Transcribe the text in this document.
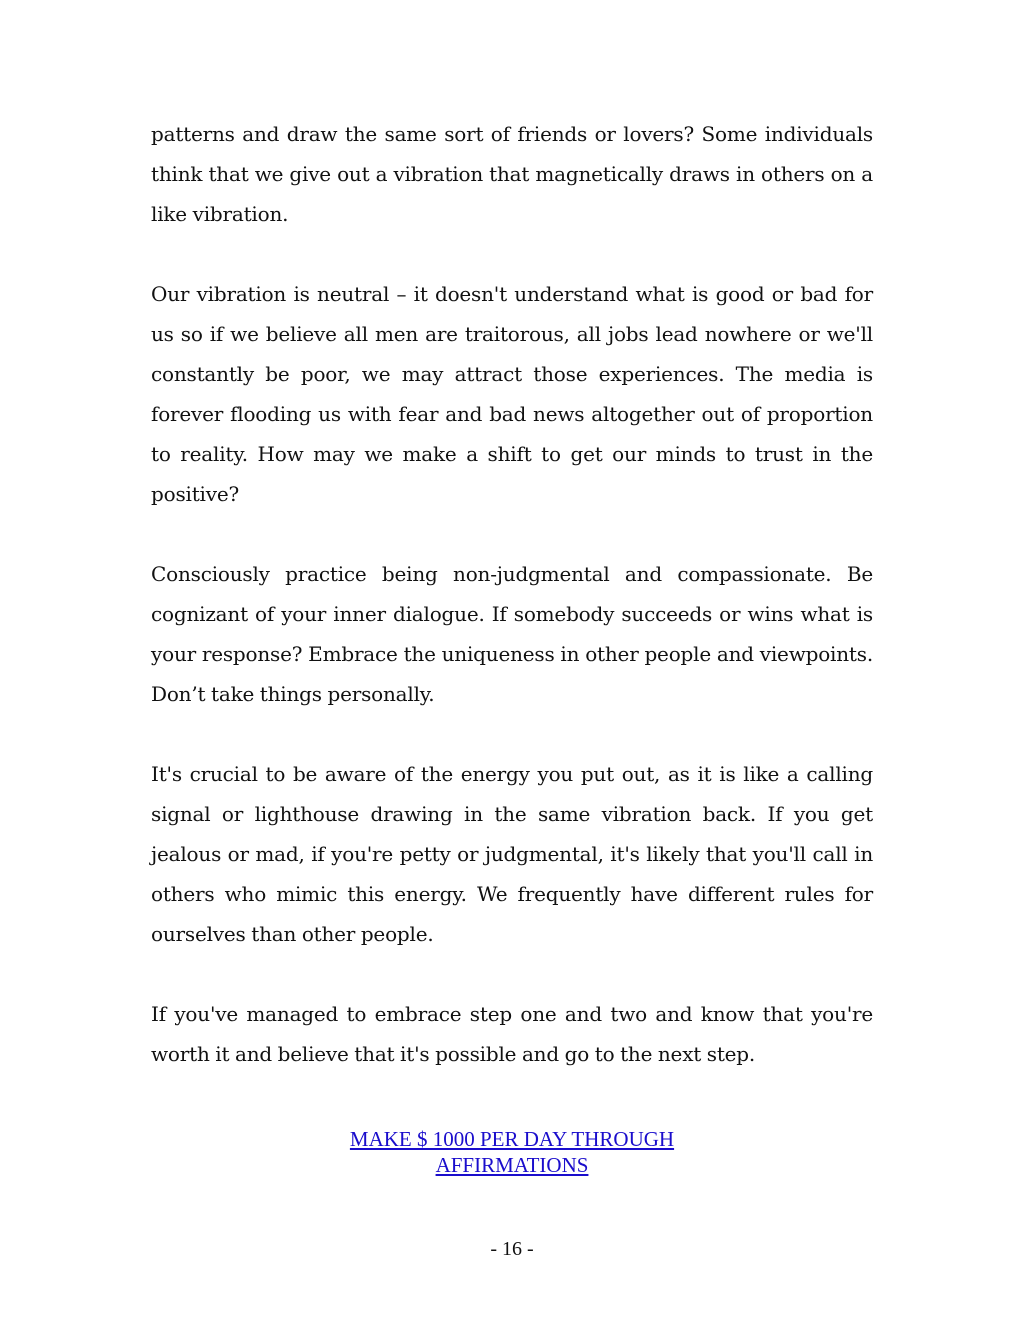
patterns and draw the same sort of friends or lovers? Some individuals think that we give out a vibration that magnetically draws in others on a like vibration.

Our vibration is neutral – it doesn't understand what is good or bad for us so if we believe all men are traitorous, all jobs lead nowhere or we'll constantly be poor, we may attract those experiences. The media is forever flooding us with fear and bad news altogether out of proportion to reality. How may we make a shift to get our minds to trust in the positive?

Consciously practice being non-judgmental and compassionate. Be cognizant of your inner dialogue. If somebody succeeds or wins what is your response? Embrace the uniqueness in other people and viewpoints. Don’t take things personally.

It's crucial to be aware of the energy you put out, as it is like a calling signal or lighthouse drawing in the same vibration back. If you get jealous or mad, if you're petty or judgmental, it's likely that you'll call in others who mimic this energy. We frequently have different rules for ourselves than other people.

If you've managed to embrace step one and two and know that you're worth it and believe that it's possible and go to the next step.

MAKE $ 1000 PER DAY THROUGH
AFFIRMATIONS
- 16 -
